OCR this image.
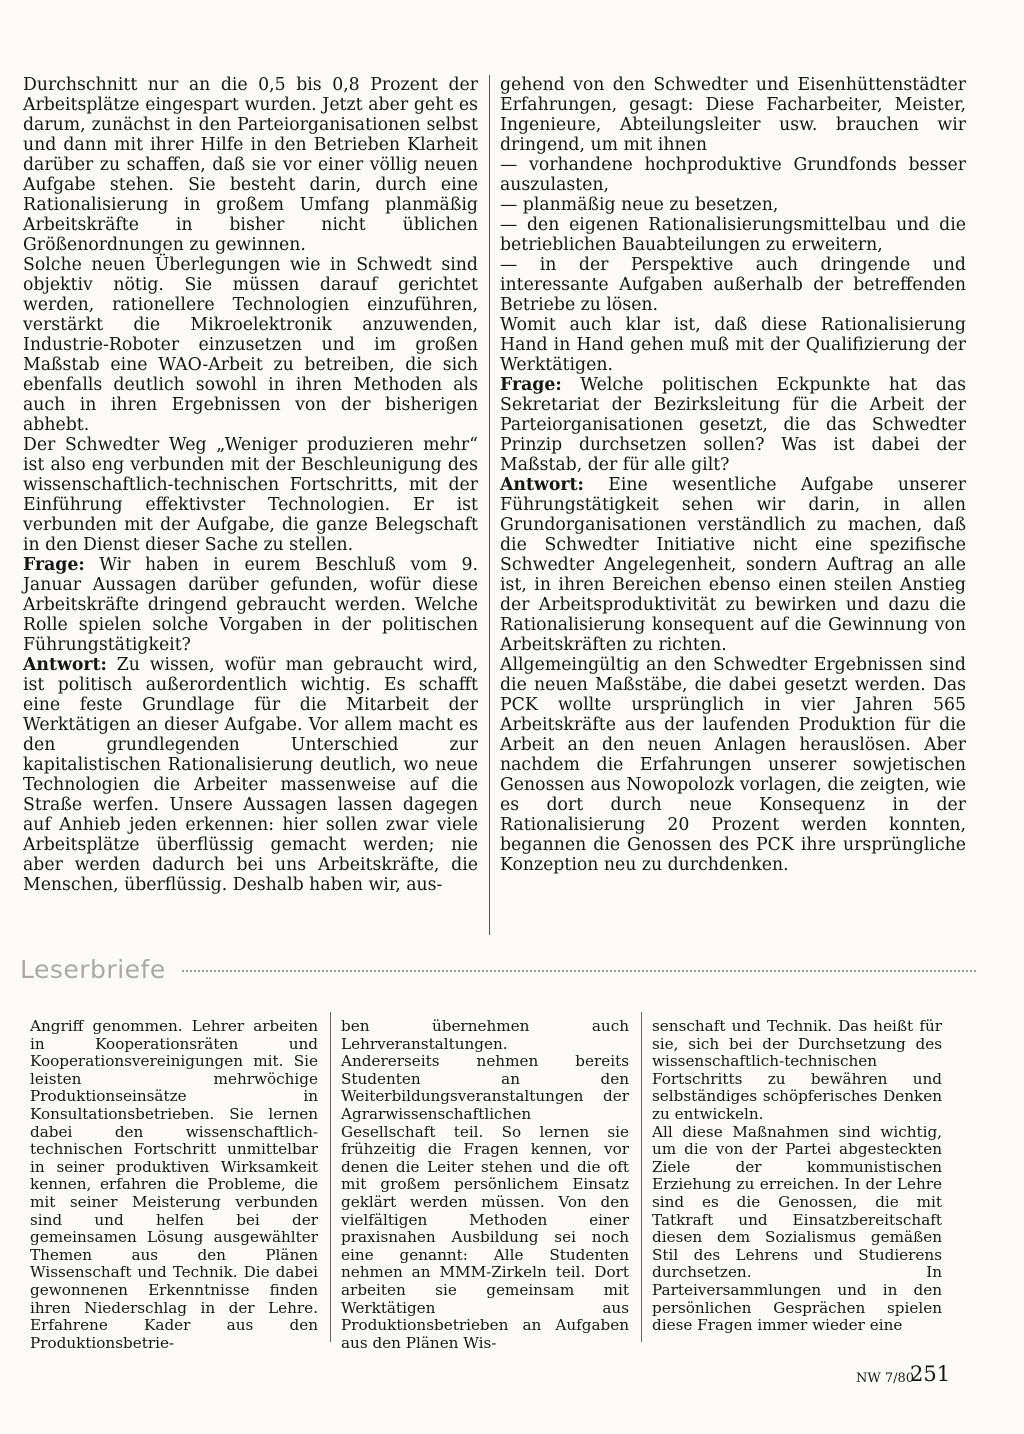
Durchschnitt nur an die 0,5 bis 0,8 Prozent der Arbeitsplätze eingespart wurden. Jetzt aber geht es darum, zunächst in den Parteiorganisationen selbst und dann mit ihrer Hilfe in den Betrieben Klarheit darüber zu schaffen, daß sie vor einer völlig neuen Aufgabe stehen. Sie besteht darin, durch eine Rationalisierung in großem Umfang planmäßig Arbeitskräfte in bisher nicht üblichen Größenordnungen zu gewinnen.

Solche neuen Überlegungen wie in Schwedt sind objektiv nötig. Sie müssen darauf gerichtet werden, rationellere Technologien einzuführen, verstärkt die Mikroelektronik anzuwenden, Industrie-Roboter einzusetzen und im großen Maßstab eine WAO-Arbeit zu betreiben, die sich ebenfalls deutlich sowohl in ihren Methoden als auch in ihren Ergebnissen von der bisherigen abhebt.

Der Schwedter Weg „Weniger produzieren mehr“ ist also eng verbunden mit der Beschleunigung des wissenschaftlich-technischen Fortschritts, mit der Einführung effektivster Technologien. Er ist verbunden mit der Aufgabe, die ganze Belegschaft in den Dienst dieser Sache zu stellen.

Frage: Wir haben in eurem Beschluß vom 9. Januar Aussagen darüber gefunden, wofür diese Arbeitskräfte dringend gebraucht werden. Welche Rolle spielen solche Vorgaben in der politischen Führungstätigkeit?

Antwort: Zu wissen, wofür man gebraucht wird, ist politisch außerordentlich wichtig. Es schafft eine feste Grundlage für die Mitarbeit der Werktätigen an dieser Aufgabe. Vor allem macht es den grundlegenden Unterschied zur kapitalistischen Rationalisierung deutlich, wo neue Technologien die Arbeiter massenweise auf die Straße werfen. Unsere Aussagen lassen dagegen auf Anhieb jeden erkennen: hier sollen zwar viele Arbeitsplätze überflüssig gemacht werden; nie aber werden dadurch bei uns Arbeitskräfte, die Menschen, überflüssig. Deshalb haben wir, aus-

gehend von den Schwedter und Eisenhüttenstädter Erfahrungen, gesagt: Diese Facharbeiter, Meister, Ingenieure, Abteilungsleiter usw. brauchen wir dringend, um mit ihnen

— vorhandene hochproduktive Grundfonds besser auszulasten,

— planmäßig neue zu besetzen,

— den eigenen Rationalisierungsmittelbau und die betrieblichen Bauabteilungen zu erweitern,

— in der Perspektive auch dringende und interessante Aufgaben außerhalb der betreffenden Betriebe zu lösen.

Womit auch klar ist, daß diese Rationalisierung Hand in Hand gehen muß mit der Qualifizierung der Werktätigen.

Frage: Welche politischen Eckpunkte hat das Sekretariat der Bezirksleitung für die Arbeit der Parteiorganisationen gesetzt, die das Schwedter Prinzip durchsetzen sollen? Was ist dabei der Maßstab, der für alle gilt?

Antwort: Eine wesentliche Aufgabe unserer Führungstätigkeit sehen wir darin, in allen Grundorganisationen verständlich zu machen, daß die Schwedter Initiative nicht eine spezifische Schwedter Angelegenheit, sondern Auftrag an alle ist, in ihren Bereichen ebenso einen steilen Anstieg der Arbeitsproduktivität zu bewirken und dazu die Rationalisierung konsequent auf die Gewinnung von Arbeitskräften zu richten.

Allgemeingültig an den Schwedter Ergebnissen sind die neuen Maßstäbe, die dabei gesetzt werden. Das PCK wollte ursprünglich in vier Jahren 565 Arbeitskräfte aus der laufenden Produktion für die Arbeit an den neuen Anlagen herauslösen. Aber nachdem die Erfahrungen unserer sowjetischen Genossen aus Nowopolozk vorlagen, die zeigten, wie es dort durch neue Konsequenz in der Rationalisierung 20 Prozent werden konnten, begannen die Genossen des PCK ihre ursprüngliche Konzeption neu zu durchdenken.

Leserbriefe

Angriff genommen. Lehrer arbeiten in Kooperationsräten und Kooperationsvereinigungen mit. Sie leisten mehrwöchige Produktionseinsätze in Konsultationsbetrieben. Sie lernen dabei den wissenschaftlich-technischen Fortschritt unmittelbar in seiner produktiven Wirksamkeit kennen, erfahren die Probleme, die mit seiner Meisterung verbunden sind und helfen bei der gemeinsamen Lösung ausgewählter Themen aus den Plänen Wissenschaft und Technik. Die dabei gewonnenen Erkenntnisse finden ihren Niederschlag in der Lehre. Erfahrene Kader aus den Produktionsbetrie-

ben übernehmen auch Lehrveranstaltungen.

Andererseits nehmen bereits Studenten an den Weiterbildungsveranstaltungen der Agrarwissenschaftlichen Gesellschaft teil. So lernen sie frühzeitig die Fragen kennen, vor denen die Leiter stehen und die oft mit großem persönlichem Einsatz geklärt werden müssen. Von den vielfältigen Methoden einer praxisnahen Ausbildung sei noch eine genannt: Alle Studenten nehmen an MMM-Zirkeln teil. Dort arbeiten sie gemeinsam mit Werktätigen aus Produktionsbetrieben an Aufgaben aus den Plänen Wis-

senschaft und Technik. Das heißt für sie, sich bei der Durchsetzung des wissenschaftlich-technischen Fortschritts zu bewähren und selbständiges schöpferisches Denken zu entwickeln.

All diese Maßnahmen sind wichtig, um die von der Partei abgesteckten Ziele der kommunistischen Erziehung zu erreichen. In der Lehre sind es die Genossen, die mit Tatkraft und Einsatzbereitschaft diesen dem Sozialismus gemäßen Stil des Lehrens und Studierens durchsetzen. In Parteiversammlungen und in den persönlichen Gesprächen spielen diese Fragen immer wieder eine

NW 7/80
251
